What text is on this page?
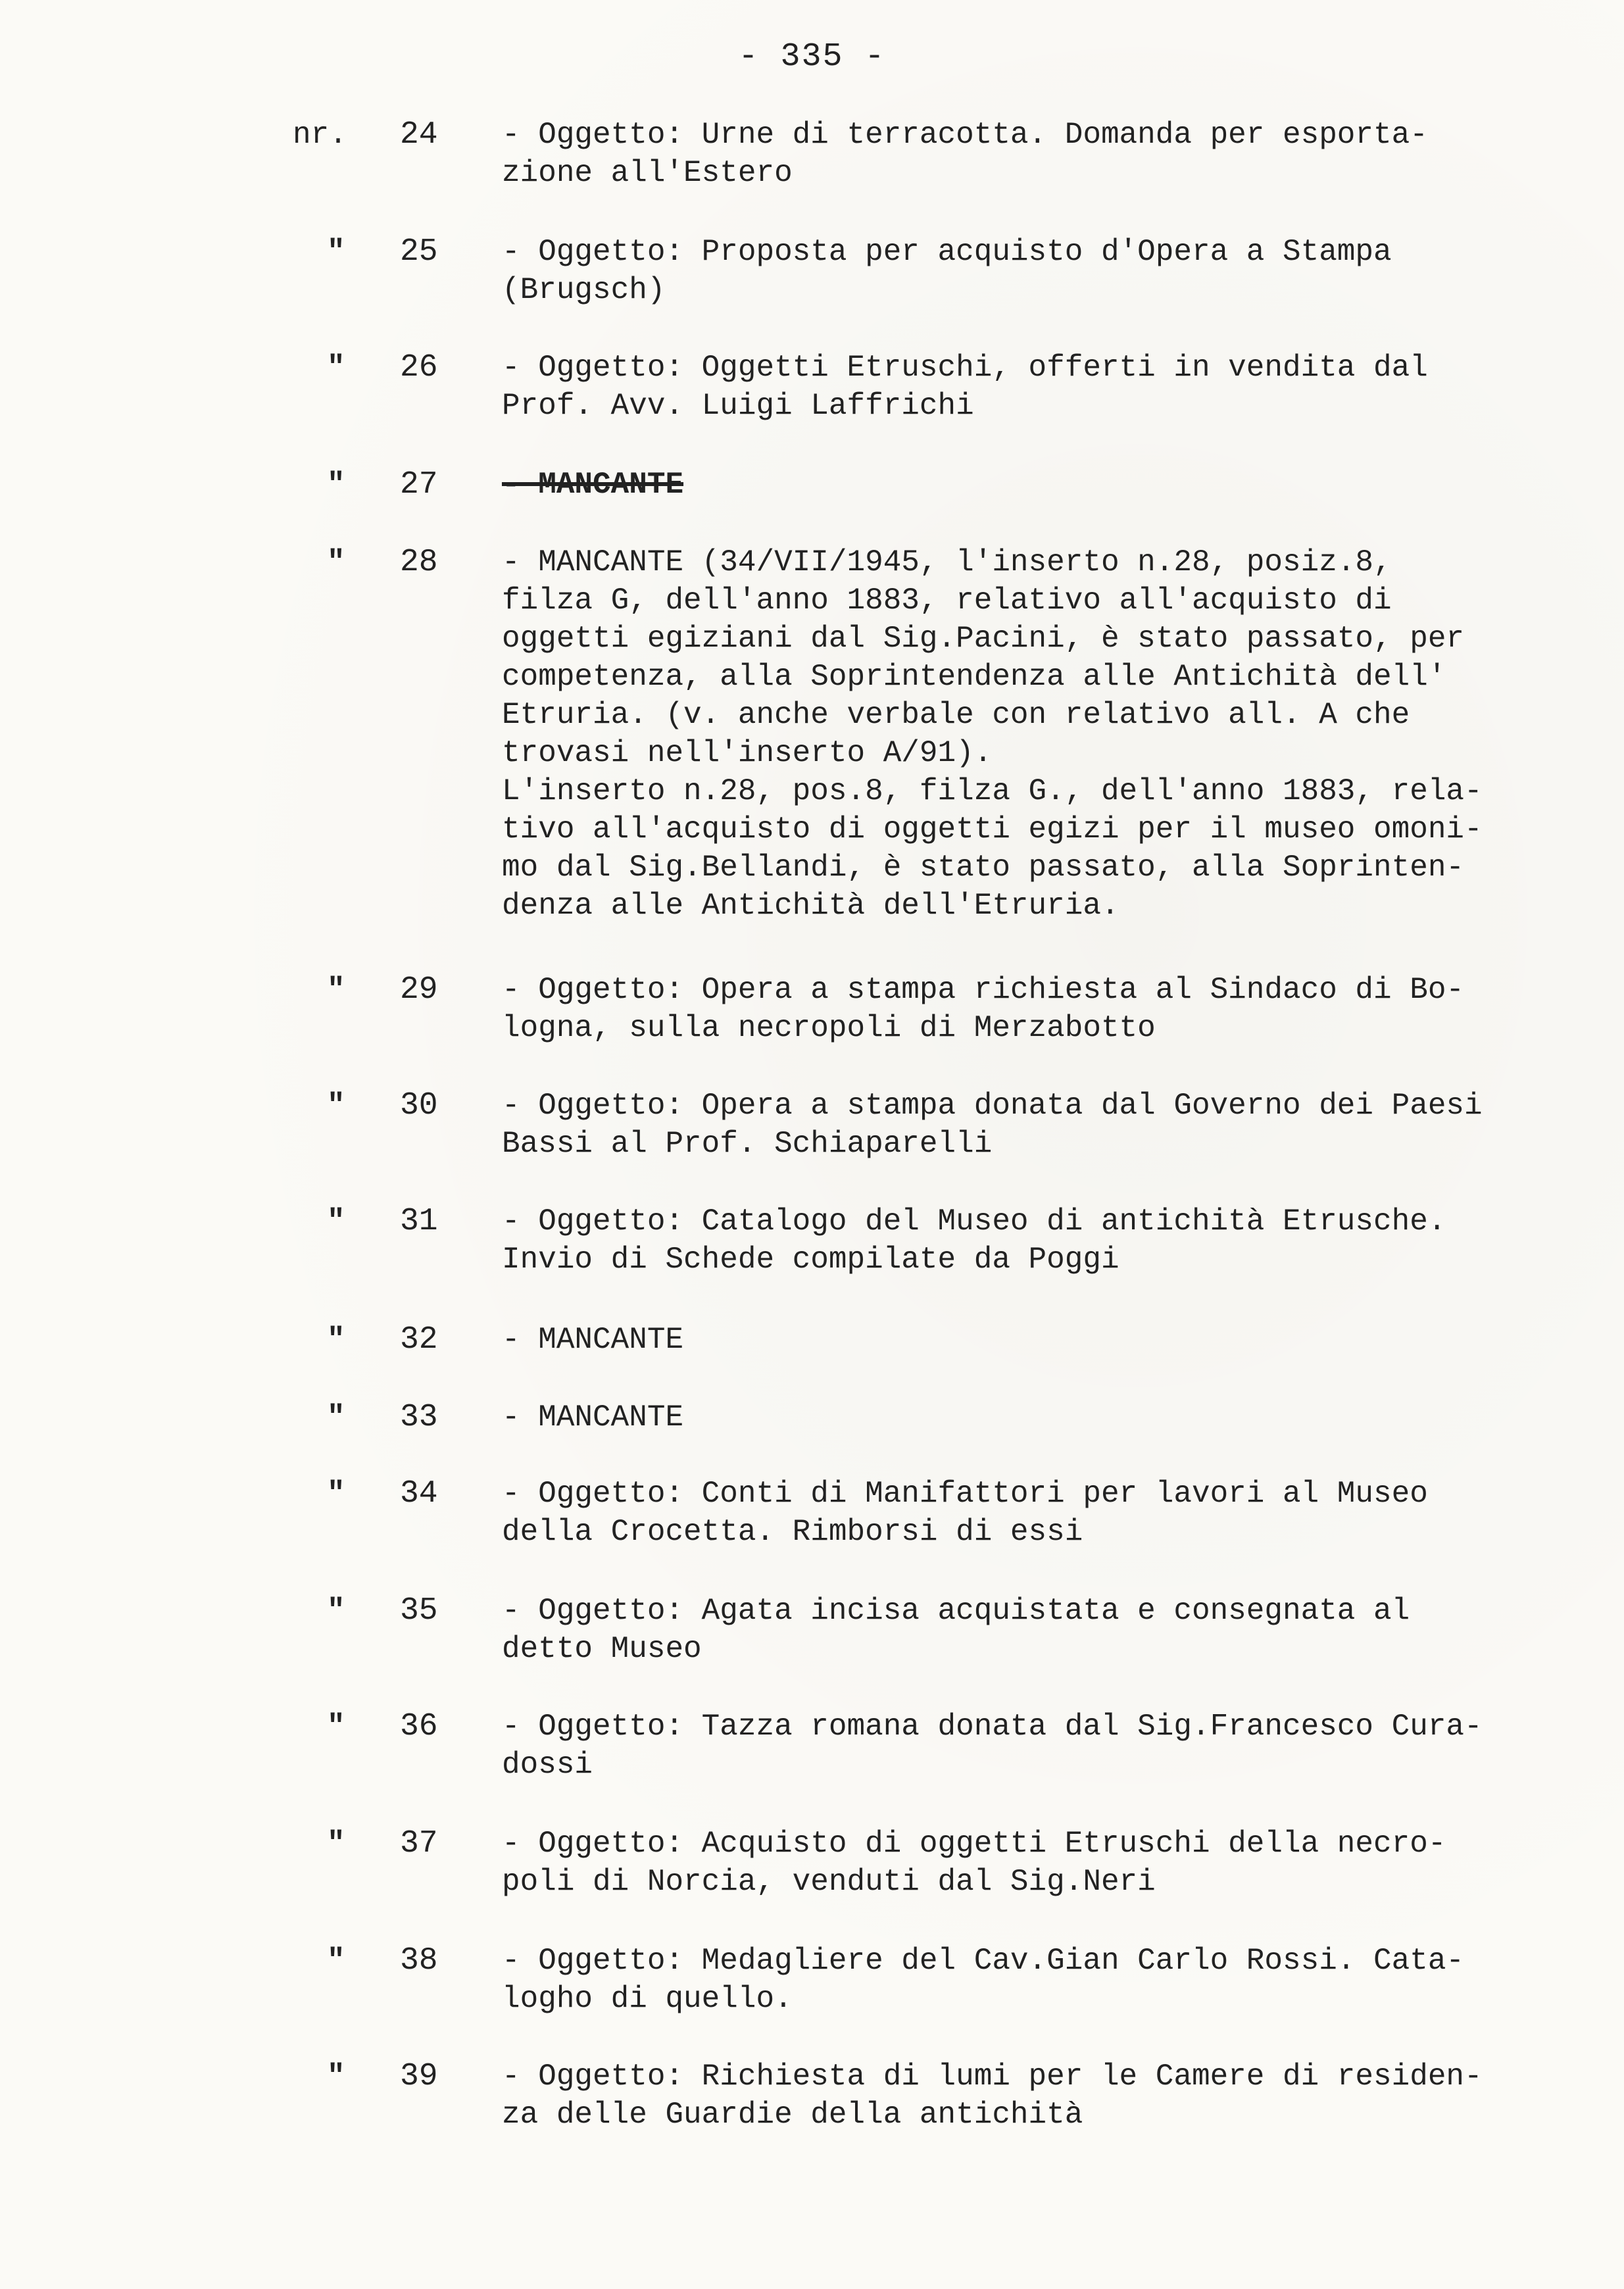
- 335 -
nr.	24	- Oggetto: Urne di terracotta. Domanda per esporta-
zione all'Estero
"	25	- Oggetto: Proposta per acquisto d'Opera a Stampa
(Brugsch)
"	26	- Oggetto: Oggetti Etruschi, offerti in vendita dal
Prof. Avv. Luigi Laffrichi
"	27	- MANCANTE
"	28	- MANCANTE (34/VII/1945, l'inserto n.28, posiz.8,
filza G, dell'anno 1883, relativo all'acquisto di
oggetti egiziani dal Sig.Pacini, è stato passato, per
competenza, alla Soprintendenza alle Antichità dell'
Etruria. (v. anche verbale con relativo all. A che
trovasi nell'inserto A/91).
L'inserto n.28, pos.8, filza G., dell'anno 1883, rela-
tivo all'acquisto di oggetti egizi per il museo omoni-
mo dal Sig.Bellandi, è stato passato, alla Soprinten-
denza alle Antichità dell'Etruria.
"	29	- Oggetto: Opera a stampa richiesta al Sindaco di Bo-
logna, sulla necropoli di Merzabotto
"	30	- Oggetto: Opera a stampa donata dal Governo dei Paesi
Bassi al Prof. Schiaparelli
"	31	- Oggetto: Catalogo del Museo di antichità Etrusche.
Invio di Schede compilate da Poggi
"	32	- MANCANTE
"	33	- MANCANTE
"	34	- Oggetto: Conti di Manifattori per lavori al Museo
della Crocetta. Rimborsi di essi
"	35	- Oggetto: Agata incisa acquistata e consegnata al
detto Museo
"	36	- Oggetto: Tazza romana donata dal Sig.Francesco Cura-
dossi
"	37	- Oggetto: Acquisto di oggetti Etruschi della necro-
poli di Norcia, venduti dal Sig.Neri
"	38	- Oggetto: Medagliere del Cav.Gian Carlo Rossi. Cata-
logho di quello.
"	39	- Oggetto: Richiesta di lumi per le Camere di residen-
za delle Guardie della antichità
